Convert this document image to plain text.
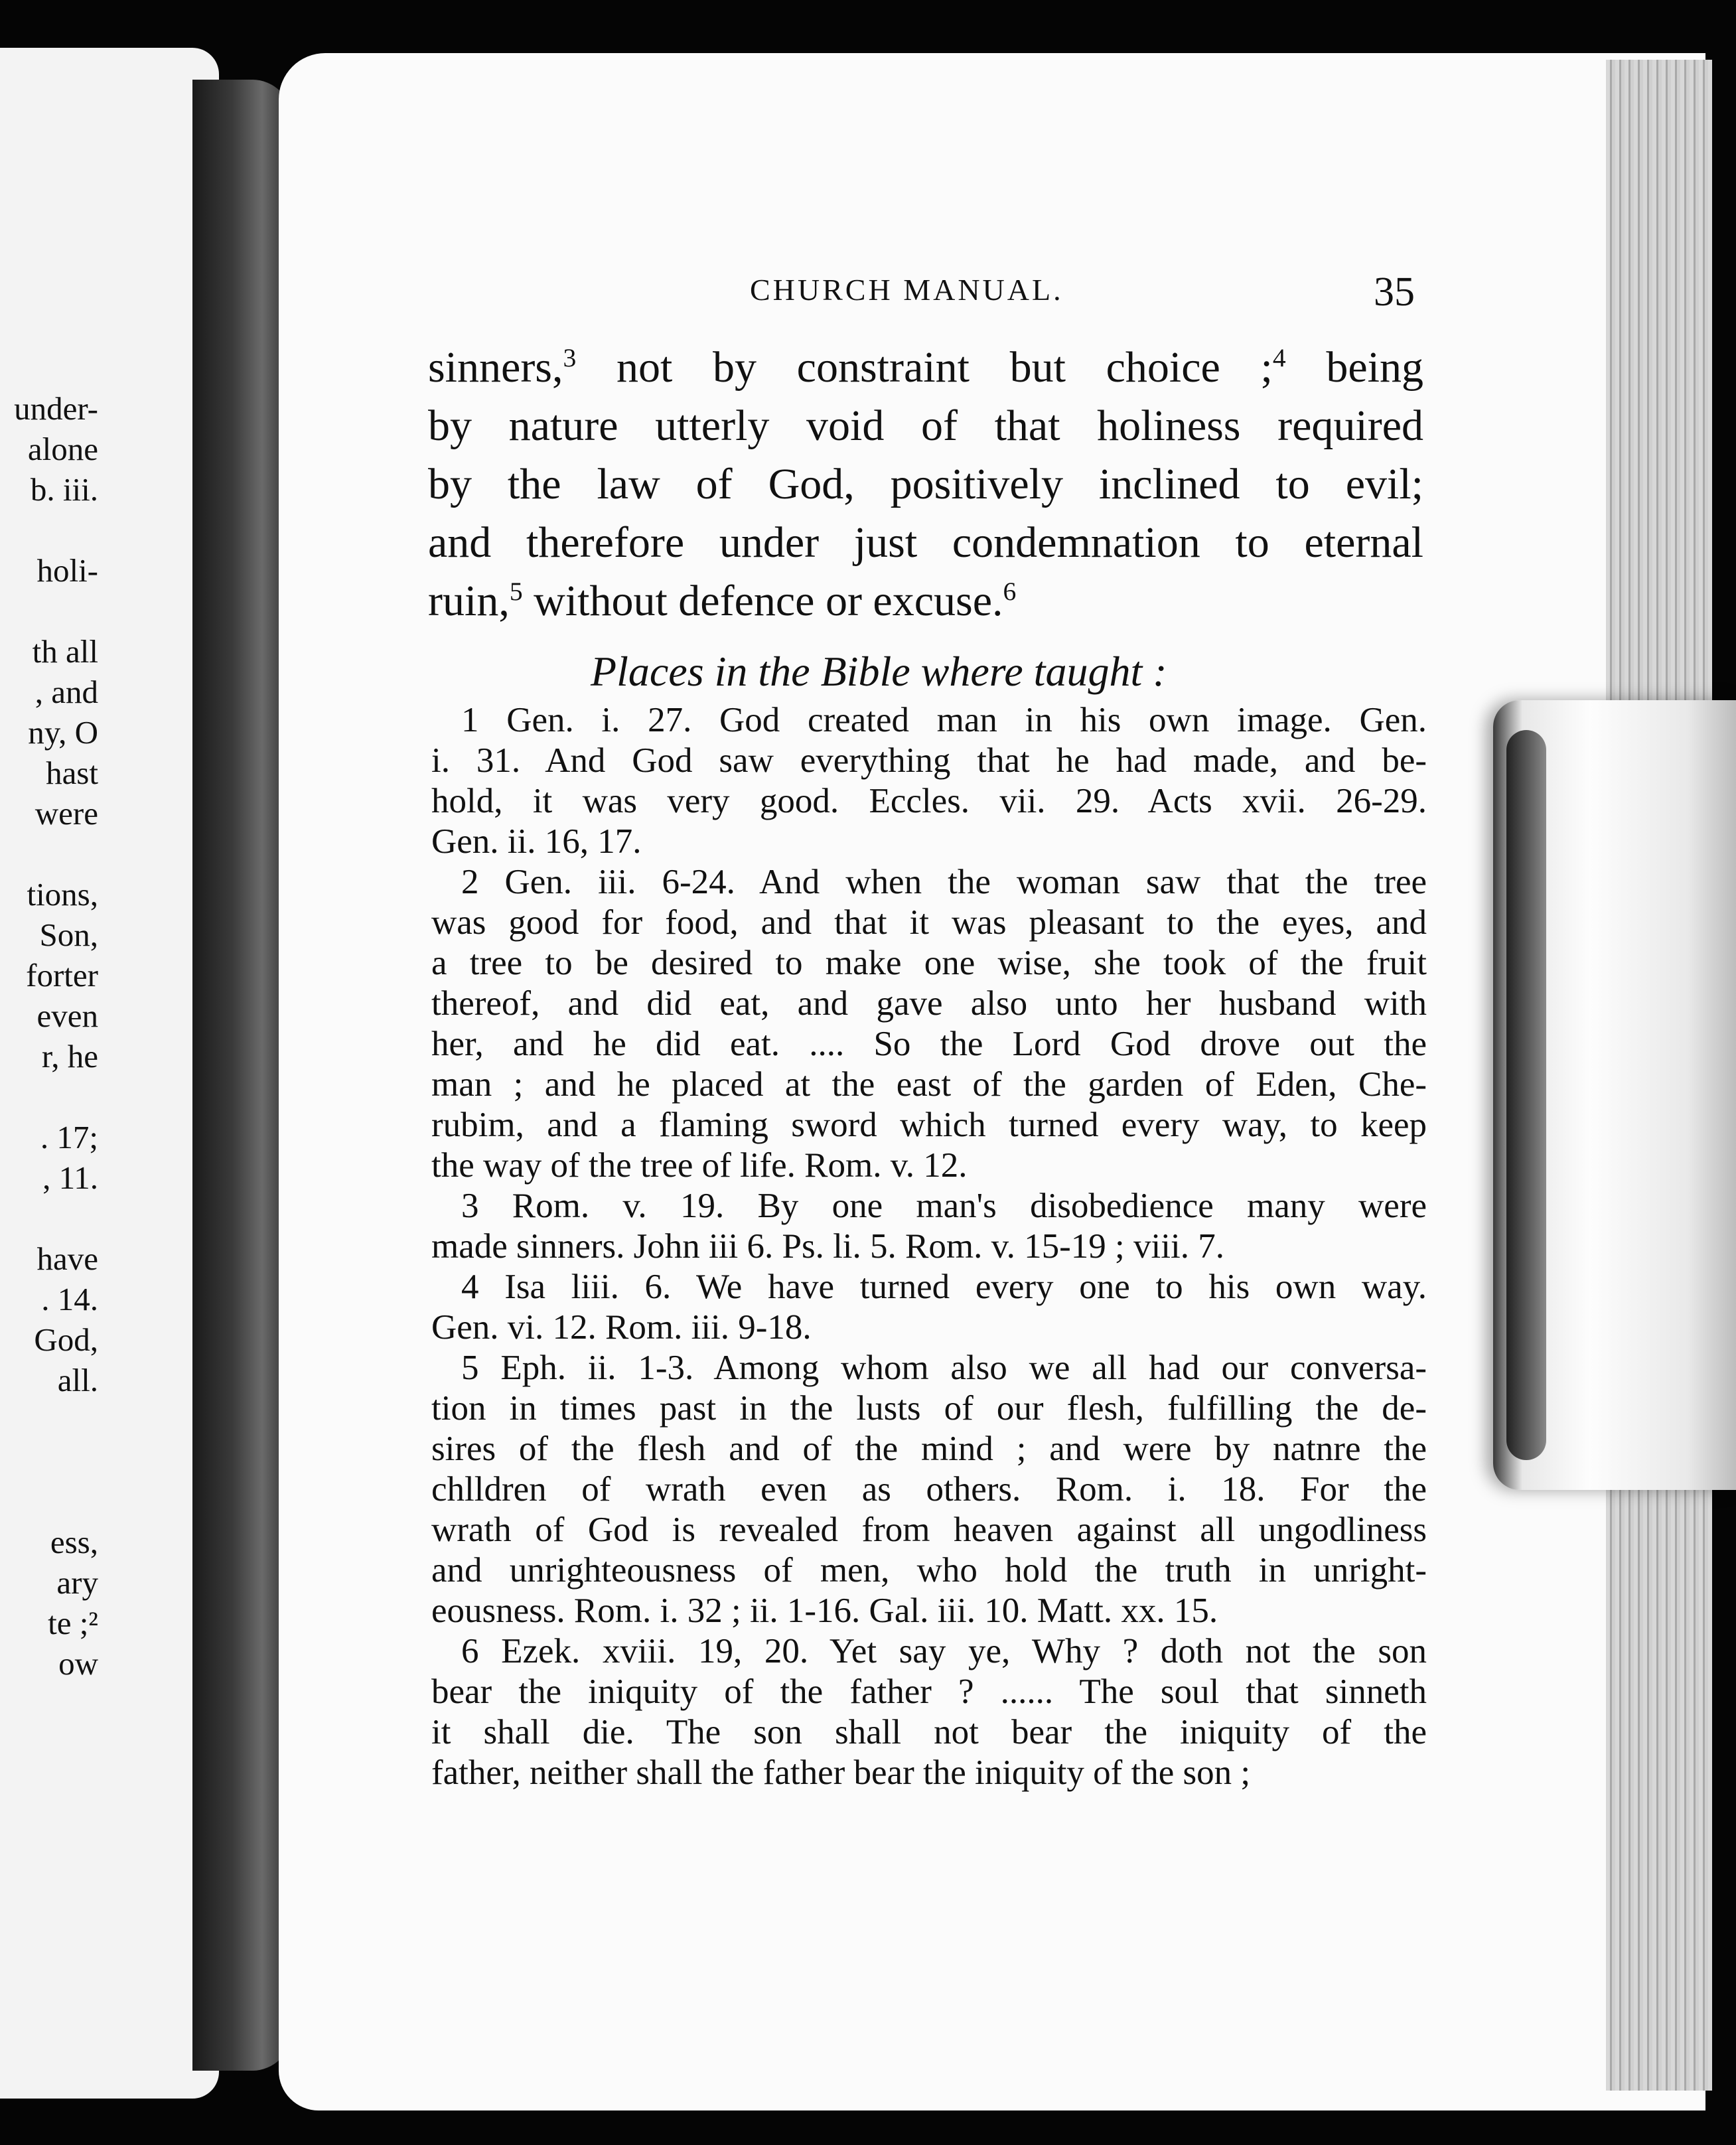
under-
alone
b. iii.

holi-

th all
, and
ny, O
hast
were

tions,
Son,
forter
even
r, he

. 17;
, 11.

have
. 14.
God,
all.

ess,
ary
te ;²
ow
CHURCH MANUAL.	35
sinners,$^3$ not by constraint but choice ;$^4$ being
by nature utterly void of that holiness required
by the law of God, positively inclined to evil;
and therefore under just condemnation to eternal
ruin,$^5$ without defence or excuse.$^6$
Places in the Bible where taught :
1 Gen. i. 27. God created man in his own image. Gen.
i. 31. And God saw everything that he had made, and be-
hold, it was very good. Eccles. vii. 29. Acts xvii. 26-29.
Gen. ii. 16, 17.
2 Gen. iii. 6-24. And when the woman saw that the tree
was good for food, and that it was pleasant to the eyes, and
a tree to be desired to make one wise, she took of the fruit
thereof, and did eat, and gave also unto her husband with
her, and he did eat. .... So the Lord God drove out the
man ; and he placed at the east of the garden of Eden, Che-
rubim, and a flaming sword which turned every way, to keep
the way of the tree of life. Rom. v. 12.
3 Rom. v. 19. By one man's disobedience many were
made sinners. John iii 6. Ps. li. 5. Rom. v. 15-19 ; viii. 7.
4 Isa liii. 6. We have turned every one to his own way.
Gen. vi. 12. Rom. iii. 9-18.
5 Eph. ii. 1-3. Among whom also we all had our conversa-
tion in times past in the lusts of our flesh, fulfilling the de-
sires of the flesh and of the mind ; and were by natnre the
chlldren of wrath even as others. Rom. i. 18. For the
wrath of God is revealed from heaven against all ungodliness
and unrighteousness of men, who hold the truth in unright-
eousness. Rom. i. 32 ; ii. 1-16. Gal. iii. 10. Matt. xx. 15.
6 Ezek. xviii. 19, 20. Yet say ye, Why ? doth not the son
bear the iniquity of the father ? ...... The soul that sinneth
it shall die. The son shall not bear the iniquity of the
father, neither shall the father bear the iniquity of the son ;
